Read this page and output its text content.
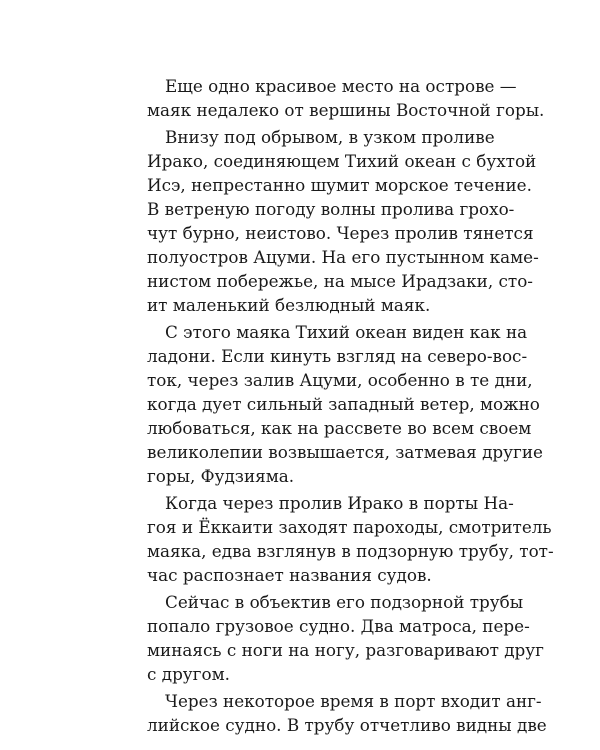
Еще одно красивое место на острове —
маяк недалеко от вершины Восточной горы.
Внизу под обрывом, в узком проливе
Ирако, соединяющем Тихий океан с бухтой
Исэ, непрестанно шумит морское течение.
В ветреную погоду волны пролива грохо-
чут бурно, неистово. Через пролив тянется
полуостров Ацуми. На его пустынном каме-
нистом побережье, на мысе Ирадзаки, сто-
ит маленький безлюдный маяк.
С этого маяка Тихий океан виден как на
ладони. Если кинуть взгляд на северо-вос-
ток, через залив Ацуми, особенно в те дни,
когда дует сильный западный ветер, можно
любоваться, как на рассвете во всем своем
великолепии возвышается, затмевая другие
горы, Фудзияма.
Когда через пролив Ирако в порты На-
гоя и Ёккаити заходят пароходы, смотритель
маяка, едва взглянув в подзорную трубу, тот-
час распознает названия судов.
Сейчас в объектив его подзорной трубы
попало грузовое судно. Два матроса, пере-
минаясь с ноги на ногу, разговаривают друг
с другом.
Через некоторое время в порт входит анг-
лийское судно. В трубу отчетливо видны две
